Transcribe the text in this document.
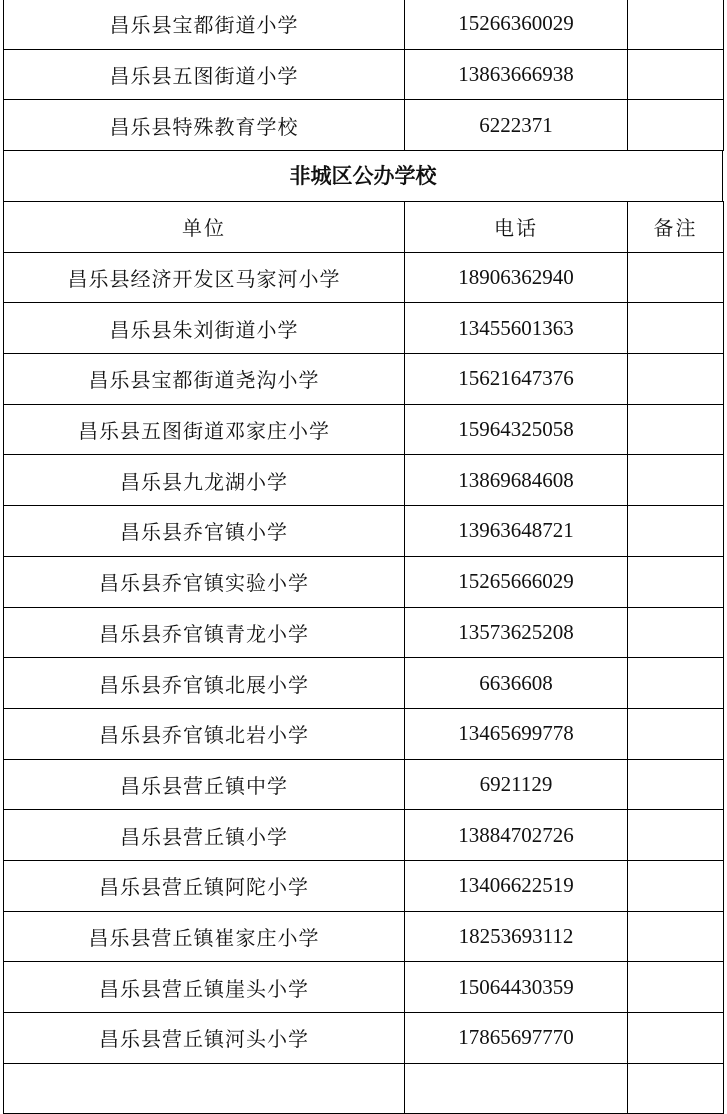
昌乐县宝都街道小学	15266360029	
昌乐县五图街道小学	13863666938	
昌乐县特殊教育学校	6222371	
非城区公办学校
单位	电话	备注
昌乐县经济开发区马家河小学	18906362940	
昌乐县朱刘街道小学	13455601363	
昌乐县宝都街道尧沟小学	15621647376	
昌乐县五图街道邓家庄小学	15964325058	
昌乐县九龙湖小学	13869684608	
昌乐县乔官镇小学	13963648721	
昌乐县乔官镇实验小学	15265666029	
昌乐县乔官镇青龙小学	13573625208	
昌乐县乔官镇北展小学	6636608	
昌乐县乔官镇北岩小学	13465699778	
昌乐县营丘镇中学	6921129	
昌乐县营丘镇小学	13884702726	
昌乐县营丘镇阿陀小学	13406622519	
昌乐县营丘镇崔家庄小学	18253693112	
昌乐县营丘镇崖头小学	15064430359	
昌乐县营丘镇河头小学	17865697770	
